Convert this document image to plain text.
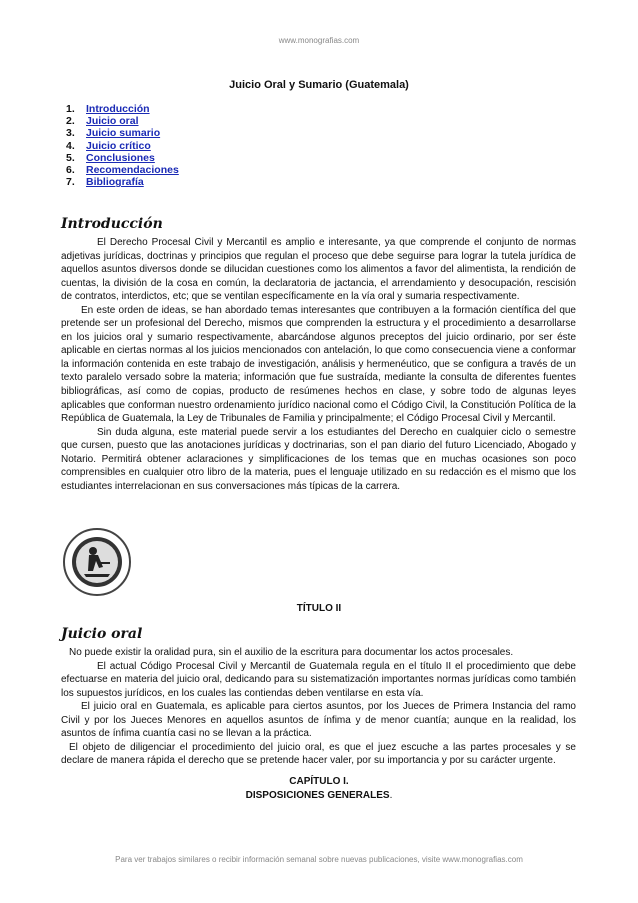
www.monografias.com
Juicio Oral y Sumario (Guatemala)
1.	Introducción
2.	Juicio oral
3.	Juicio sumario
4.	Juicio crítico
5.	Conclusiones
6.	Recomendaciones
7.	Bibliografía
Introducción

El Derecho Procesal Civil y Mercantil es amplio e interesante, ya que comprende el conjunto de normas adjetivas jurídicas, doctrinas y principios que regulan el proceso que debe seguirse para lograr la tutela jurídica de aquellos asuntos diversos donde se dilucidan cuestiones como los alimentos a favor del alimentista, la rendición de cuentas, la división de la cosa en común, la declaratoria de jactancia, el arrendamiento y desocupación, rescisión de contratos, interdictos, etc; que se ventilan específicamente en la vía oral y sumaria respectivamente.

En este orden de ideas, se han abordado temas interesantes que contribuyen a la formación científica del que pretende ser un profesional del Derecho, mismos que comprenden la estructura y el procedimiento a desarrollarse en los juicios oral y sumario respectivamente, abarcándose algunos preceptos del juicio ordinario, por ser éste aplicable en ciertas normas al los juicios mencionados con antelación, lo que como consecuencia viene a conformar la información contenida en este trabajo de investigación, análisis y hermenéutico, que se configura a través de un texto paralelo versado sobre la materia; información que fue sustraída, mediante la consulta de diferentes fuentes bibliográficas, así como de copias, producto de resúmenes hechos en clase, y sobre todo de algunas leyes aplicables que conforman nuestro ordenamiento jurídico nacional como el Código Civil, la Constitución Política de la República de Guatemala, la Ley de Tribunales de Familia y principalmente; el Código Procesal Civil y Mercantil.

Sin duda alguna, este material puede servir a los estudiantes del Derecho en cualquier ciclo o semestre que cursen, puesto que las anotaciones jurídicas y doctrinarias, son el pan diario del futuro Licenciado, Abogado y Notario. Permitirá obtener aclaraciones y simplificaciones de los temas que en muchas ocasiones son poco comprensibles en cualquier otro libro de la materia, pues el lenguaje utilizado en su redacción es el mismo que los estudiantes interrelacionan en sus conversaciones más típicas de la carrera.

TÍTULO II
Juicio oral

No puede existir la oralidad pura, sin el auxilio de la escritura para documentar los actos procesales.

El actual Código Procesal Civil y Mercantil de Guatemala regula en el título II el procedimiento que debe efectuarse en materia del juicio oral, dedicando para su sistematización importantes normas jurídicas como también los supuestos jurídicos, en los cuales las contiendas deben ventilarse en esta vía.

El juicio oral en Guatemala, es aplicable para ciertos asuntos, por los Jueces de Primera Instancia del ramo Civil y por los Jueces Menores en aquellos asuntos de ínfima y de menor cuantía; aunque en la realidad, los asuntos de ínfima cuantía casi no se llevan a la práctica.

El objeto de diligenciar el procedimiento del juicio oral, es que el juez escuche a las partes procesales y se declare de manera rápida el derecho que se pretende hacer valer, por su importancia y por su carácter urgente.

CAPÍTULO I.
DISPOSICIONES GENERALES.
Para ver trabajos similares o recibir información semanal sobre nuevas publicaciones, visite www.monografias.com
